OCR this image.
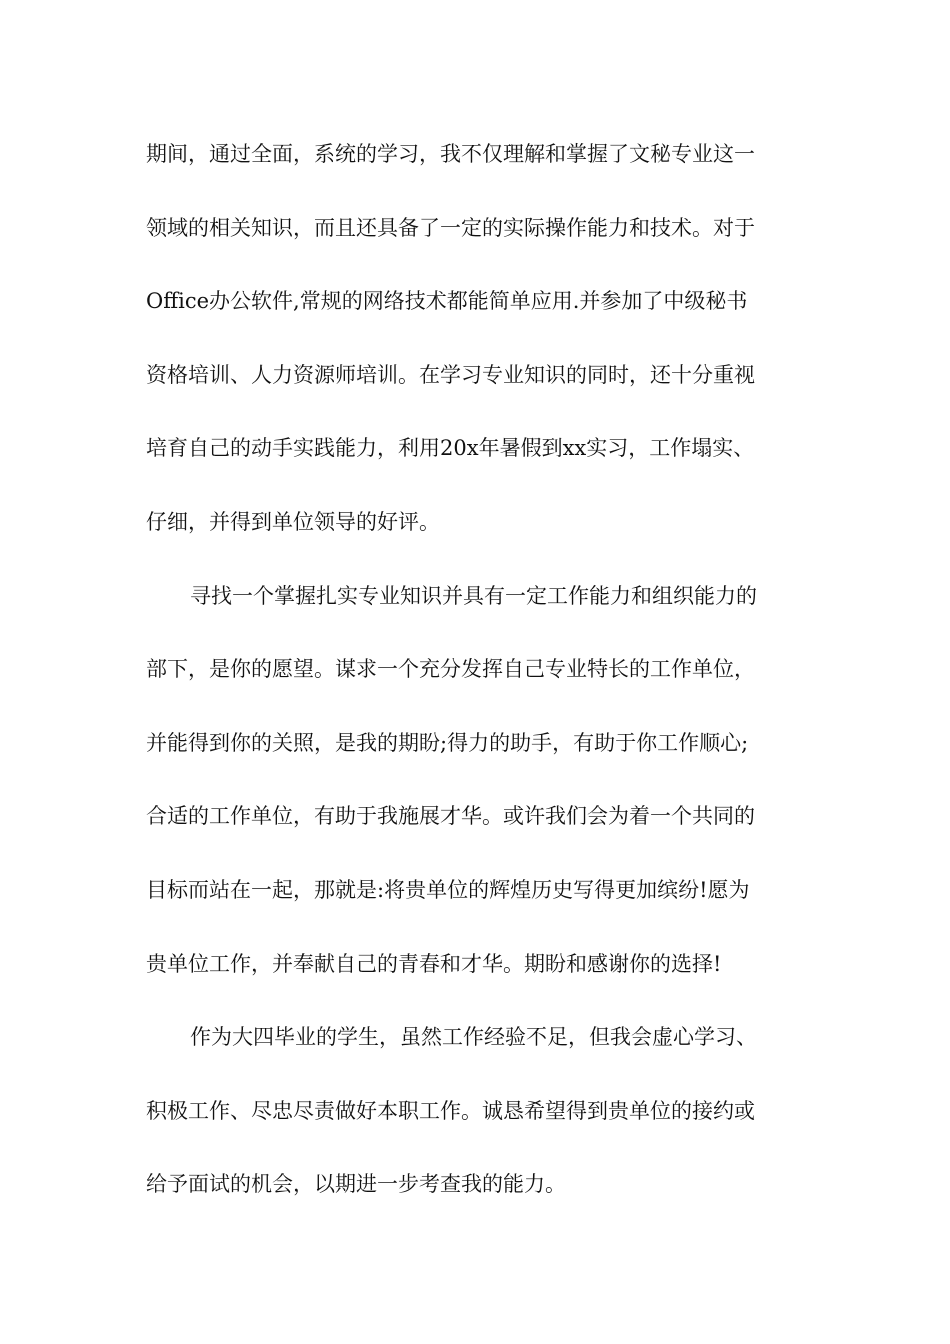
期间，通过全面，系统的学习，我不仅理解和掌握了文秘专业这一
领域的相关知识，而且还具备了一定的实际操作能力和技术。对于
Office办公软件,常规的网络技术都能简单应用.并参加了中级秘书
资格培训、人力资源师培训。在学习专业知识的同时，还十分重视
培育自己的动手实践能力，利用20x年暑假到xx实习，工作塌实、
仔细，并得到单位领导的好评。
寻找一个掌握扎实专业知识并具有一定工作能力和组织能力的
部下，是你的愿望。谋求一个充分发挥自己专业特长的工作单位，
并能得到你的关照，是我的期盼;得力的助手，有助于你工作顺心;
合适的工作单位，有助于我施展才华。或许我们会为着一个共同的
目标而站在一起，那就是:将贵单位的辉煌历史写得更加缤纷!愿为
贵单位工作，并奉献自己的青春和才华。期盼和感谢你的选择!
作为大四毕业的学生，虽然工作经验不足，但我会虚心学习、
积极工作、尽忠尽责做好本职工作。诚恳希望得到贵单位的接约或
给予面试的机会，以期进一步考查我的能力。
